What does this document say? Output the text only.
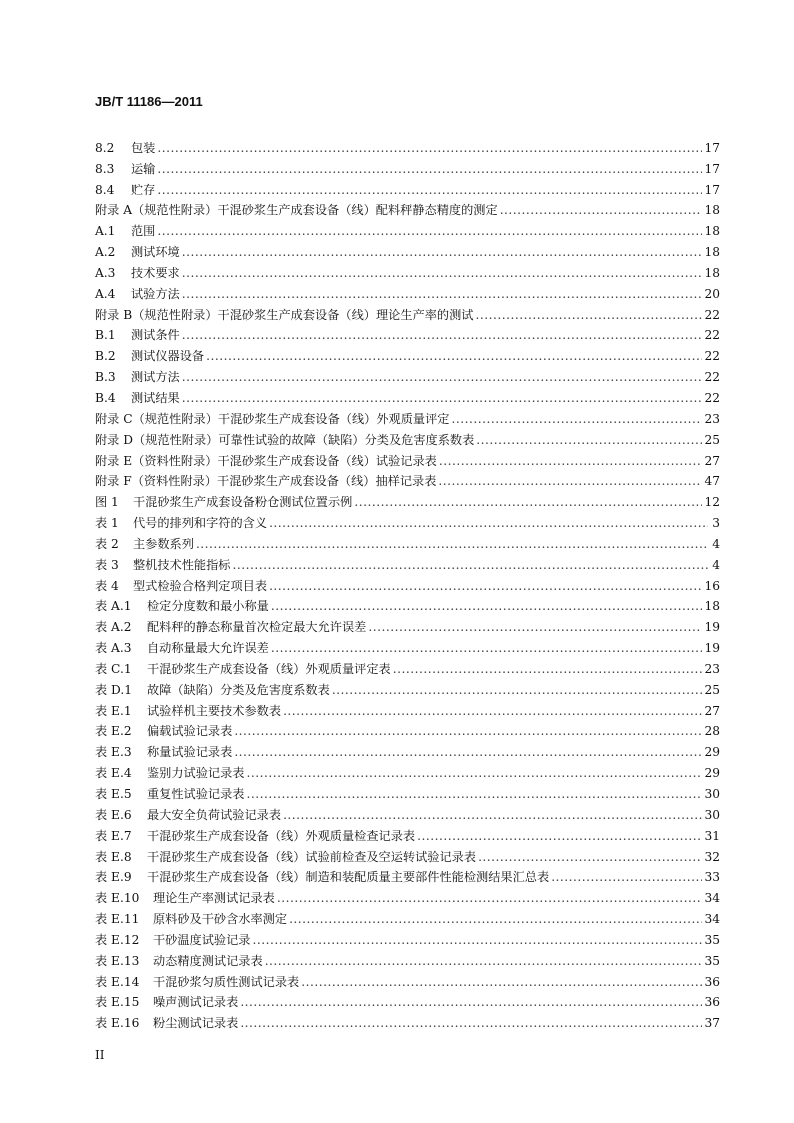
JB/T 11186—2011
8.2	包装 .....	17
8.3	运输 .....	17
8.4	贮存 .....	17
附录 A（规范性附录）干混砂浆生产成套设备（线）配料秤静态精度的测定 .....	18
A.1	范围 .....	18
A.2	测试环境 .....	18
A.3	技术要求 .....	18
A.4	试验方法 .....	20
附录 B（规范性附录）干混砂浆生产成套设备（线）理论生产率的测试 .....	22
B.1	测试条件 .....	22
B.2	测试仪器设备 .....	22
B.3	测试方法 .....	22
B.4	测试结果 .....	22
附录 C（规范性附录）干混砂浆生产成套设备（线）外观质量评定 .....	23
附录 D（规范性附录）可靠性试验的故障（缺陷）分类及危害度系数表 .....	25
附录 E（资料性附录）干混砂浆生产成套设备（线）试验记录表 .....	27
附录 F（资料性附录）干混砂浆生产成套设备（线）抽样记录表 .....	47
图 1	干混砂浆生产成套设备粉仓测试位置示例 .....	12
表 1	代号的排列和字符的含义 .....	3
表 2	主参数系列 .....	4
表 3	整机技术性能指标 .....	4
表 4	型式检验合格判定项目表 .....	16
表 A.1	检定分度数和最小称量 .....	18
表 A.2	配料秤的静态称量首次检定最大允许误差 .....	19
表 A.3	自动称量最大允许误差 .....	19
表 C.1	干混砂浆生产成套设备（线）外观质量评定表 .....	23
表 D.1	故障（缺陷）分类及危害度系数表 .....	25
表 E.1	试验样机主要技术参数表 .....	27
表 E.2	偏载试验记录表 .....	28
表 E.3	称量试验记录表 .....	29
表 E.4	鉴别力试验记录表 .....	29
表 E.5	重复性试验记录表 .....	30
表 E.6	最大安全负荷试验记录表 .....	30
表 E.7	干混砂浆生产成套设备（线）外观质量检查记录表 .....	31
表 E.8	干混砂浆生产成套设备（线）试验前检查及空运转试验记录表 .....	32
表 E.9	干混砂浆生产成套设备（线）制造和装配质量主要部件性能检测结果汇总表 .....	33
表 E.10	理论生产率测试记录表 .....	34
表 E.11	原料砂及干砂含水率测定 .....	34
表 E.12	干砂温度试验记录 .....	35
表 E.13	动态精度测试记录表 .....	35
表 E.14	干混砂浆匀质性测试记录表 .....	36
表 E.15	噪声测试记录表 .....	36
表 E.16	粉尘测试记录表 .....	37
II
